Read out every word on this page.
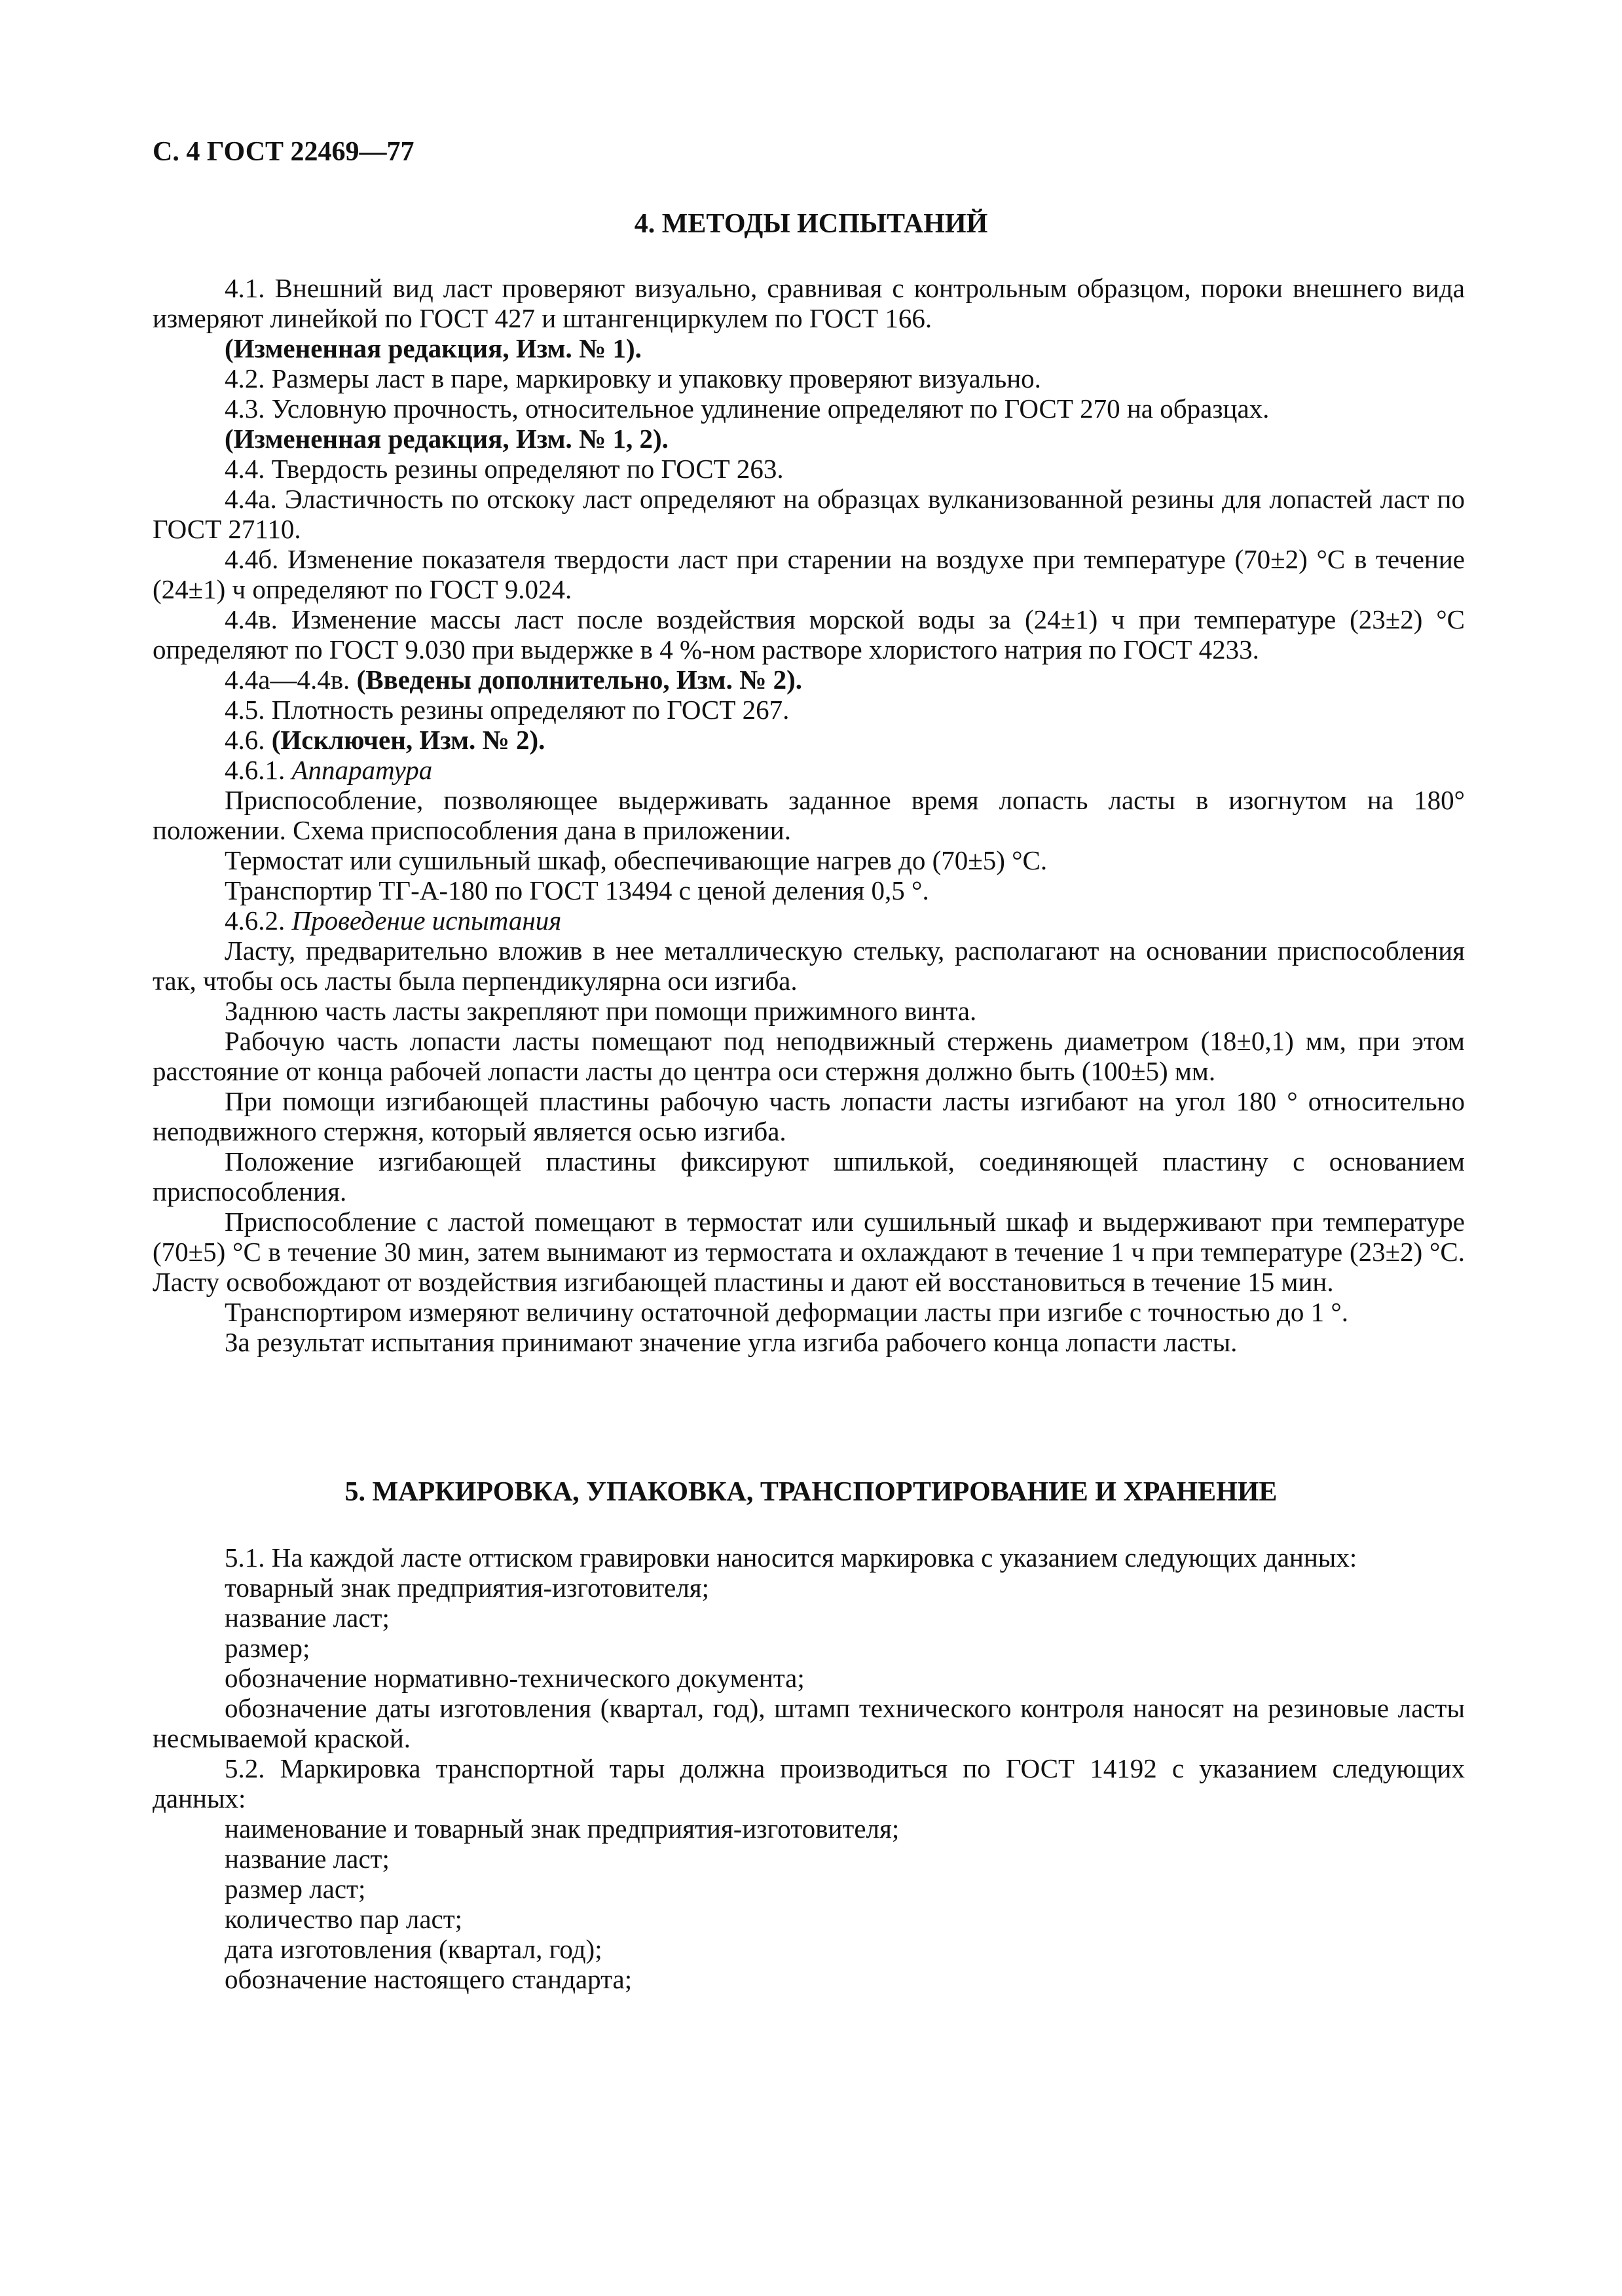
С. 4 ГОСТ 22469—77
4. МЕТОДЫ ИСПЫТАНИЙ

4.1. Внешний вид ласт проверяют визуально, сравнивая с контрольным образцом, пороки внешнего вида измеряют линейкой по ГОСТ 427 и штангенциркулем по ГОСТ 166.

(Измененная редакция, Изм. № 1).

4.2. Размеры ласт в паре, маркировку и упаковку проверяют визуально.

4.3. Условную прочность, относительное удлинение определяют по ГОСТ 270 на образцах.

(Измененная редакция, Изм. № 1, 2).

4.4. Твердость резины определяют по ГОСТ 263.

4.4а. Эластичность по отскоку ласт определяют на образцах вулканизованной резины для лопастей ласт по ГОСТ 27110.

4.4б. Изменение показателя твердости ласт при старении на воздухе при температуре (70±2) °С в течение (24±1) ч определяют по ГОСТ 9.024.

4.4в. Изменение массы ласт после воздействия морской воды за (24±1) ч при температуре (23±2) °С определяют по ГОСТ 9.030 при выдержке в 4 %-ном растворе хлористого натрия по ГОСТ 4233.

4.4а—4.4в. (Введены дополнительно, Изм. № 2).

4.5. Плотность резины определяют по ГОСТ 267.

4.6. (Исключен, Изм. № 2).

4.6.1. Аппаратура

Приспособление, позволяющее выдерживать заданное время лопасть ласты в изогнутом на 180° положении. Схема приспособления дана в приложении.

Термостат или сушильный шкаф, обеспечивающие нагрев до (70±5) °С.

Транспортир ТГ-А-180 по ГОСТ 13494 с ценой деления 0,5 °.

4.6.2. Проведение испытания

Ласту, предварительно вложив в нее металлическую стельку, располагают на основании приспособления так, чтобы ось ласты была перпендикулярна оси изгиба.

Заднюю часть ласты закрепляют при помощи прижимного винта.

Рабочую часть лопасти ласты помещают под неподвижный стержень диаметром (18±0,1) мм, при этом расстояние от конца рабочей лопасти ласты до центра оси стержня должно быть (100±5) мм.

При помощи изгибающей пластины рабочую часть лопасти ласты изгибают на угол 180 ° относительно неподвижного стержня, который является осью изгиба.

Положение изгибающей пластины фиксируют шпилькой, соединяющей пластину с основанием приспособления.

Приспособление с ластой помещают в термостат или сушильный шкаф и выдерживают при температуре (70±5) °С в течение 30 мин, затем вынимают из термостата и охлаждают в течение 1 ч при температуре (23±2) °С. Ласту освобождают от воздействия изгибающей пластины и дают ей восстановиться в течение 15 мин.

Транспортиром измеряют величину остаточной деформации ласты при изгибе с точностью до 1 °.

За результат испытания принимают значение угла изгиба рабочего конца лопасти ласты.

5. МАРКИРОВКА, УПАКОВКА, ТРАНСПОРТИРОВАНИЕ И ХРАНЕНИЕ

5.1. На каждой ласте оттиском гравировки наносится маркировка с указанием следующих данных:

товарный знак предприятия-изготовителя;

название ласт;

размер;

обозначение нормативно-технического документа;

обозначение даты изготовления (квартал, год), штамп технического контроля наносят на резиновые ласты несмываемой краской.

5.2. Маркировка транспортной тары должна производиться по ГОСТ 14192 с указанием следующих данных:

наименование и товарный знак предприятия-изготовителя;

название ласт;

размер ласт;

количество пар ласт;

дата изготовления (квартал, год);

обозначение настоящего стандарта;
